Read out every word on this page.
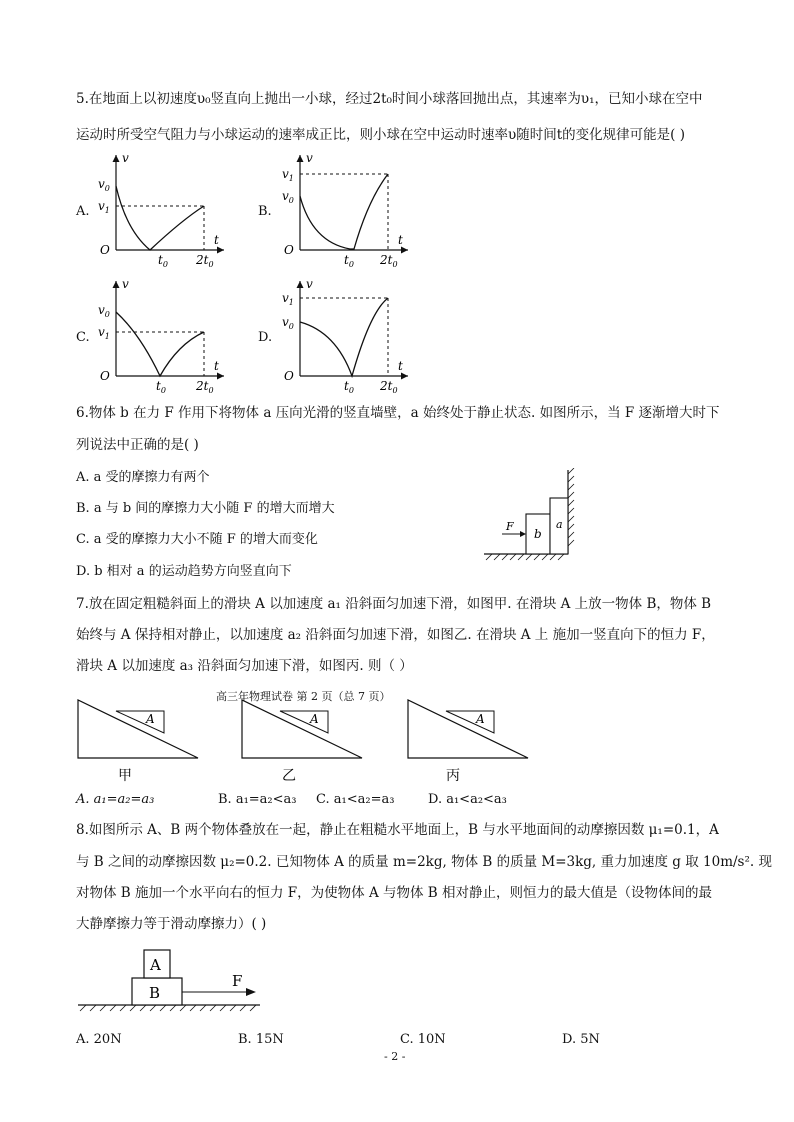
5.在地面上以初速度υ₀竖直向上抛出一小球，经过2t₀时间小球落回抛出点，其速率为υ₁，已知小球在空中
运动时所受空气阻力与小球运动的速率成正比，则小球在空中运动时速率υ随时间t的变化规律可能是( )
A.
v
t
O
$v_0$
$v_1$
$t_0$ $2t_0$
B.
v
t
O
$v_1$
$v_0$
$t_0$ $2t_0$
C.
v
t
O
$v_0$
$v_1$
$t_0$	$2t_0$
D.
v
t
O
$v_1$
$v_0$
$t_0$ $2t_0$
6.物体 b 在力 F 作用下将物体 a 压向光滑的竖直墙壁，a 始终处于静止状态. 如图所示，当 F 逐渐增大时下
列说法中正确的是( )
A. a 受的摩擦力有两个
B. a 与 b 间的摩擦力大小随 F 的增大而增大
C. a 受的摩擦力大小不随 F 的增大而变化
D. b 相对 a 的运动趋势方向竖直向下
b
a
F
7.放在固定粗糙斜面上的滑块 A 以加速度 a₁ 沿斜面匀加速下滑，如图甲. 在滑块 A 上放一物体 B，物体 B
始终与 A 保持相对静止，以加速度 a₂ 沿斜面匀加速下滑，如图乙. 在滑块 A 上 施加一竖直向下的恒力 F，
滑块 A 以加速度 a₃ 沿斜面匀加速下滑，如图丙. 则（ ）
高三年物理试卷 第 2 页（总 7 页）
A	A	A
甲	乙	丙
A. a₁=a₂=a₃	B. a₁=a₂<a₃ C. a₁<a₂=a₃	D. a₁<a₂<a₃
8.如图所示 A、B 两个物体叠放在一起，静止在粗糙水平地面上，B 与水平地面间的动摩擦因数 μ₁=0.1，A
与 B 之间的动摩擦因数 μ₂=0.2. 已知物体 A 的质量 m=2kg, 物体 B 的质量 M=3kg, 重力加速度 g 取 10m/s². 现
对物体 B 施加一个水平向右的恒力 F，为使物体 A 与物体 B 相对静止，则恒力的最大值是（设物体间的最
大静摩擦力等于滑动摩擦力）( )
B
A
F
A. 20N	B. 15N	C. 10N	D. 5N
- 2 -
